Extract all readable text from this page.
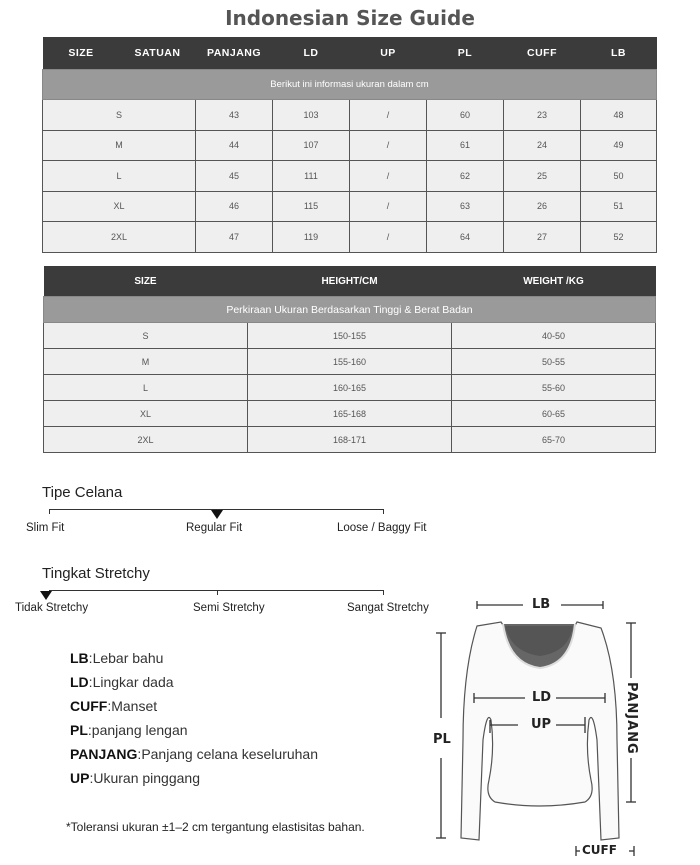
Indonesian Size Guide
SIZE	SATUAN	PANJANG	LD	UP	PL	CUFF	LB
Berikut ini informasi ukuran dalam cm							
S		43	103	/	60	23	48
M		44	107	/	61	24	49
L		45	111	/	62	25	50
XL		46	115	/	63	26	51
2XL		47	119	/	64	27	52
SIZE	HEIGHT/CM	WEIGHT /KG
Perkiraan Ukuran Berdasarkan Tinggi & Berat Badan		
S	150-155	40-50
M	155-160	50-55
L	160-165	55-60
XL	165-168	60-65
2XL	168-171	65-70
Tipe Celana
Slim Fit	Regular Fit	Loose / Baggy Fit
Tingkat Stretchy
Tidak Stretchy	Semi Stretchy	Sangat Stretchy
LB:Lebar bahu
LD:Lingkar dada
CUFF:Manset
PL:panjang lengan
PANJANG:Panjang celana keseluruhan
UP:Ukuran pinggang
*Toleransi ukuran ±1–2 cm tergantung elastisitas bahan.
LB
LD
UP
PL	PANJANG
CUFF
